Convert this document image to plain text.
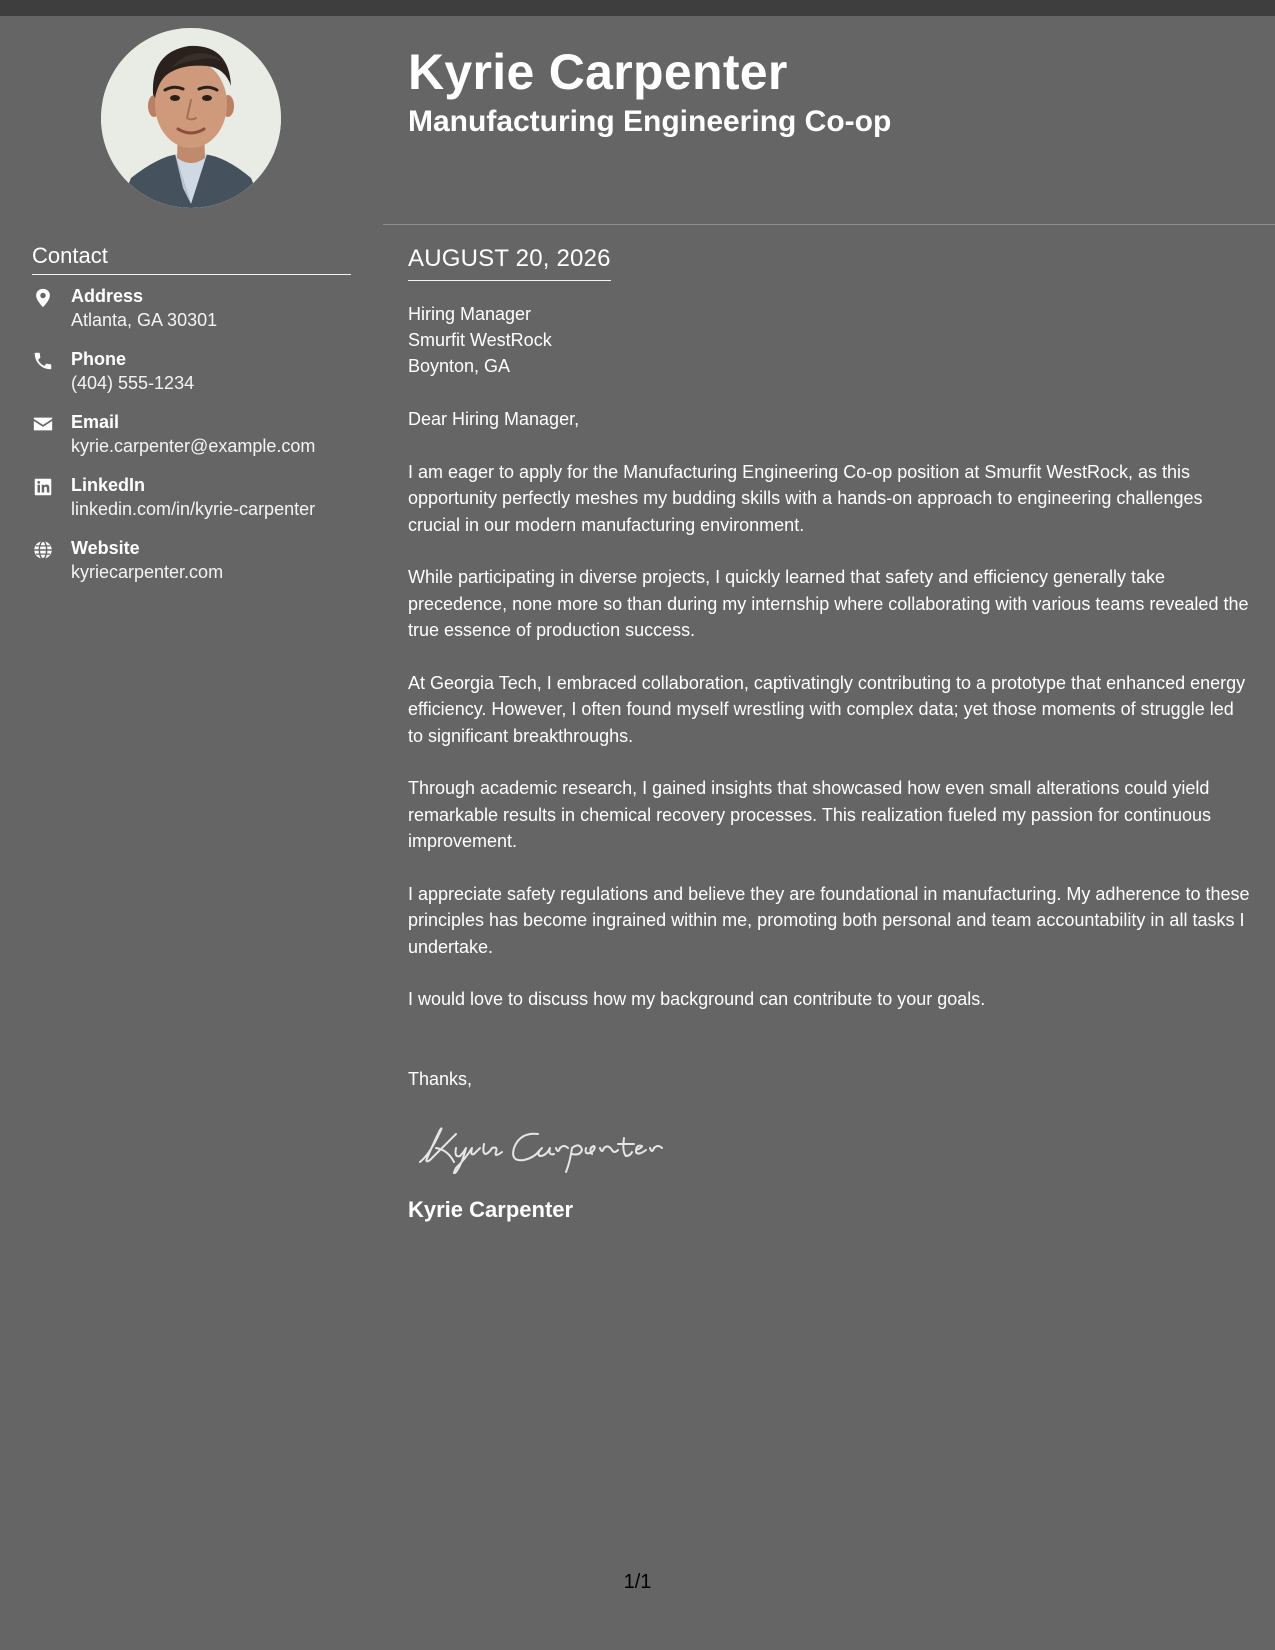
Contact
Address
Atlanta, GA 30301
Phone
(404) 555-1234
Email
kyrie.carpenter@example.com
LinkedIn
linkedin.com/in/kyrie-carpenter
Website
kyriecarpenter.com
Kyrie Carpenter
Manufacturing Engineering Co-op
AUGUST 20, 2026
Hiring Manager
Smurfit WestRock
Boynton, GA

Dear Hiring Manager,

I am eager to apply for the Manufacturing Engineering Co-op position at Smurfit WestRock, as this opportunity perfectly meshes my budding skills with a hands-on approach to engineering challenges crucial in our modern manufacturing environment.

While participating in diverse projects, I quickly learned that safety and efficiency generally take precedence, none more so than during my internship where collaborating with various teams revealed the true essence of production success.

At Georgia Tech, I embraced collaboration, captivatingly contributing to a prototype that enhanced energy efficiency. However, I often found myself wrestling with complex data; yet those moments of struggle led to significant breakthroughs.

Through academic research, I gained insights that showcased how even small alterations could yield remarkable results in chemical recovery processes. This realization fueled my passion for continuous improvement.

I appreciate safety regulations and believe they are foundational in manufacturing. My adherence to these principles has become ingrained within me, promoting both personal and team accountability in all tasks I undertake.

I would love to discuss how my background can contribute to your goals.

Thanks,

Kyrie Carpenter
1/1
